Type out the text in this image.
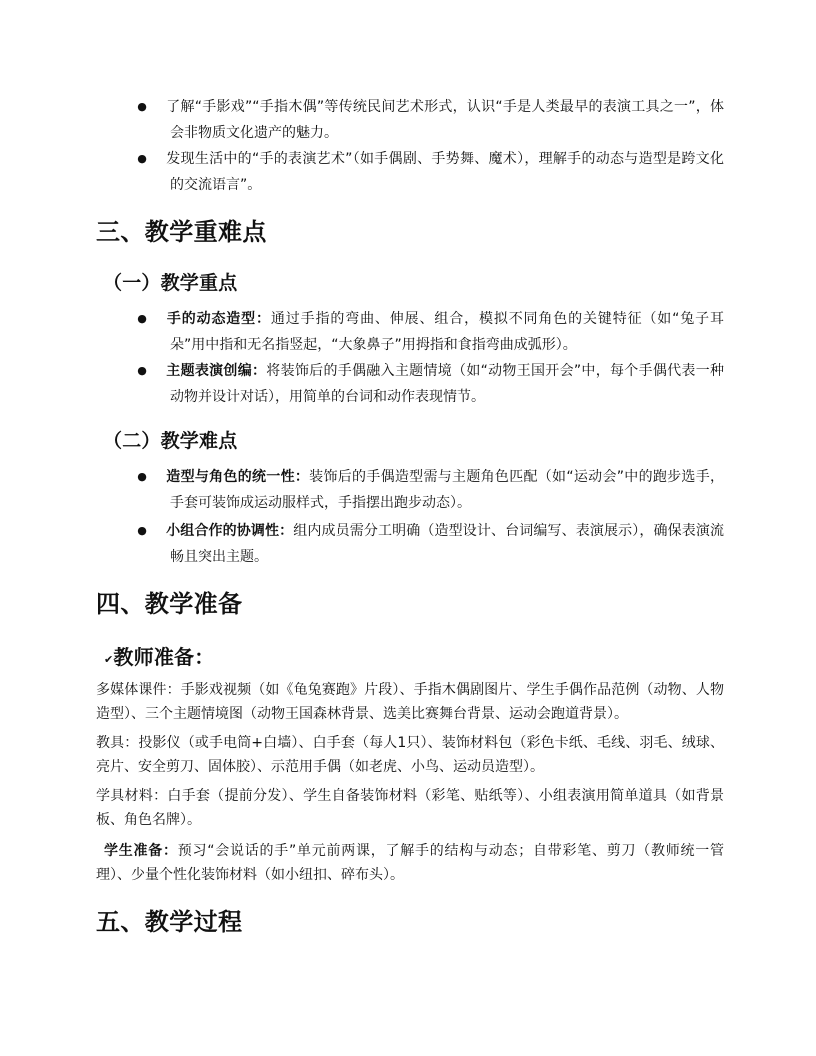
● 了解“手影戏”“手指木偶”等传统民间艺术形式，认识“手是人类最早的表演工具之一”，体会非物质文化遗产的魅力。
● 发现生活中的“手的表演艺术”（如手偶剧、手势舞、魔术），理解手的动态与造型是跨文化的交流语言”。
三、教学重难点
（一）教学重点
● 手的动态造型：通过手指的弯曲、伸展、组合，模拟不同角色的关键特征（如“兔子耳朵”用中指和无名指竖起，“大象鼻子”用拇指和食指弯曲成弧形）。
● 主题表演创编：将装饰后的手偶融入主题情境（如“动物王国开会”中，每个手偶代表一种动物并设计对话），用简单的台词和动作表现情节。
（二）教学难点
● 造型与角色的统一性：装饰后的手偶造型需与主题角色匹配（如“运动会”中的跑步选手，手套可装饰成运动服样式，手指摆出跑步动态）。
● 小组合作的协调性：组内成员需分工明确（造型设计、台词编写、表演展示），确保表演流畅且突出主题。
四、教学准备
✔教师准备：
多媒体课件：手影戏视频（如《龟兔赛跑》片段）、手指木偶剧图片、学生手偶作品范例（动物、人物造型）、三个主题情境图（动物王国森林背景、选美比赛舞台背景、运动会跑道背景）。
教具：投影仪（或手电筒+白墙）、白手套（每人1只）、装饰材料包（彩色卡纸、毛线、羽毛、绒球、亮片、安全剪刀、固体胶）、示范用手偶（如老虎、小鸟、运动员造型）。
学具材料：白手套（提前分发）、学生自备装饰材料（彩笔、贴纸等）、小组表演用简单道具（如背景板、角色名牌）。
学生准备：预习“会说话的手”单元前两课，了解手的结构与动态；自带彩笔、剪刀（教师统一管理）、少量个性化装饰材料（如小纽扣、碎布头）。
五、教学过程
